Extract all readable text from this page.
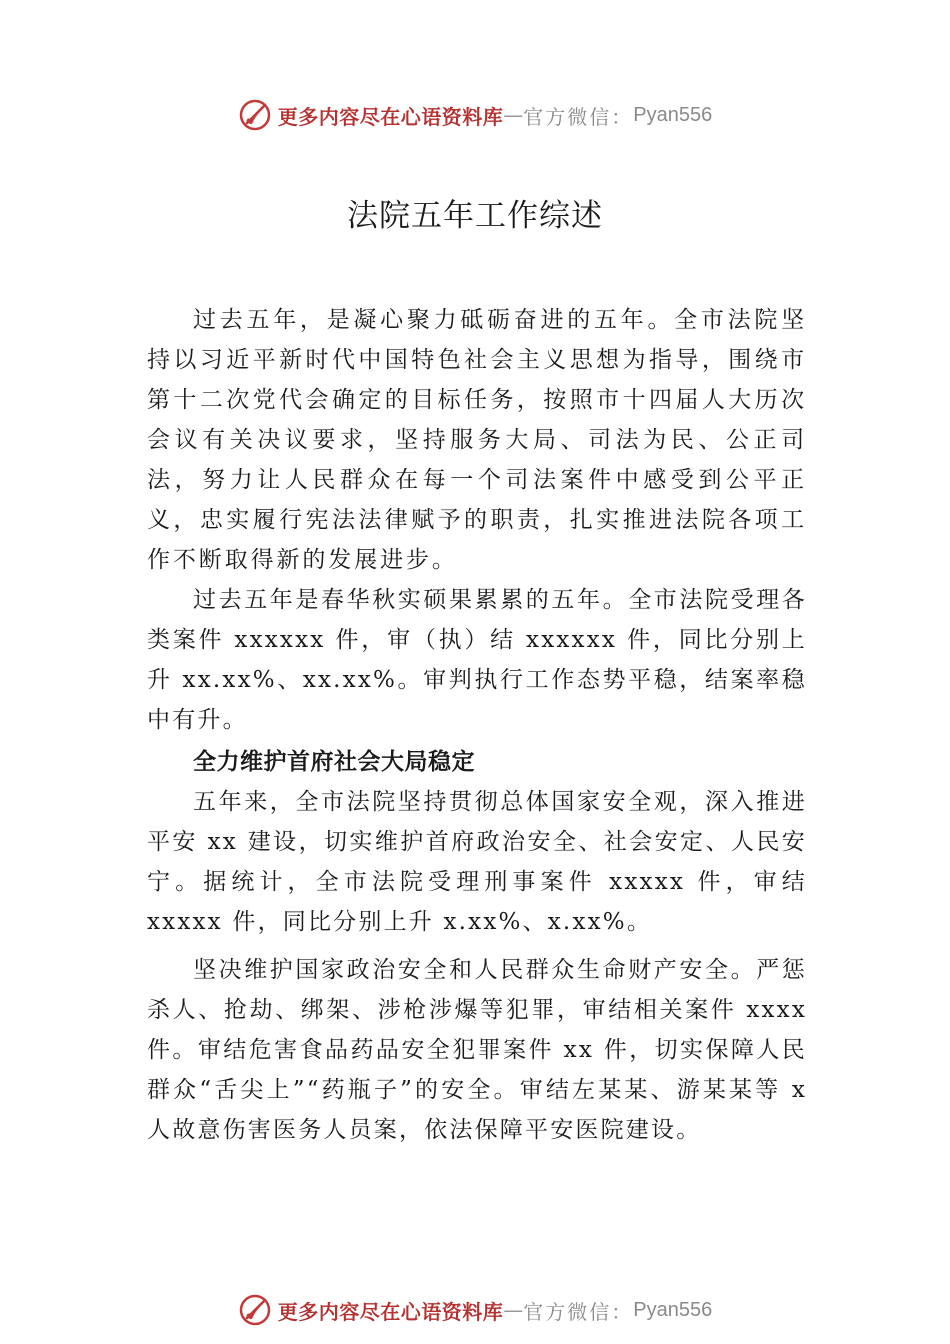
更多内容尽在心语资料库 — 官方微信： Pyan556
法院五年工作综述

过去五年，是凝心聚力砥砺奋进的五年。全市法院坚持以习近平新时代中国特色社会主义思想为指导，围绕市第十二次党代会确定的目标任务，按照市十四届人大历次会议有关决议要求，坚持服务大局、司法为民、公正司法，努力让人民群众在每一个司法案件中感受到公平正义，忠实履行宪法法律赋予的职责，扎实推进法院各项工作不断取得新的发展进步。

过去五年是春华秋实硕果累累的五年。全市法院受理各类案件 xxxxxx 件，审（执）结 xxxxxx 件，同比分别上升 xx.xx%、xx.xx%。审判执行工作态势平稳，结案率稳中有升。

全力维护首府社会大局稳定

五年来，全市法院坚持贯彻总体国家安全观，深入推进平安 xx 建设，切实维护首府政治安全、社会安定、人民安宁。据统计，全市法院受理刑事案件 xxxxx 件，审结 xxxxx 件，同比分别上升 x.xx%、x.xx%。

坚决维护国家政治安全和人民群众生命财产安全。严惩杀人、抢劫、绑架、涉枪涉爆等犯罪，审结相关案件 xxxx 件。审结危害食品药品安全犯罪案件 xx 件，切实保障人民群众“舌尖上”“药瓶子”的安全。审结左某某、游某某等 x 人故意伤害医务人员案，依法保障平安医院建设。

更多内容尽在心语资料库 — 官方微信： Pyan556
